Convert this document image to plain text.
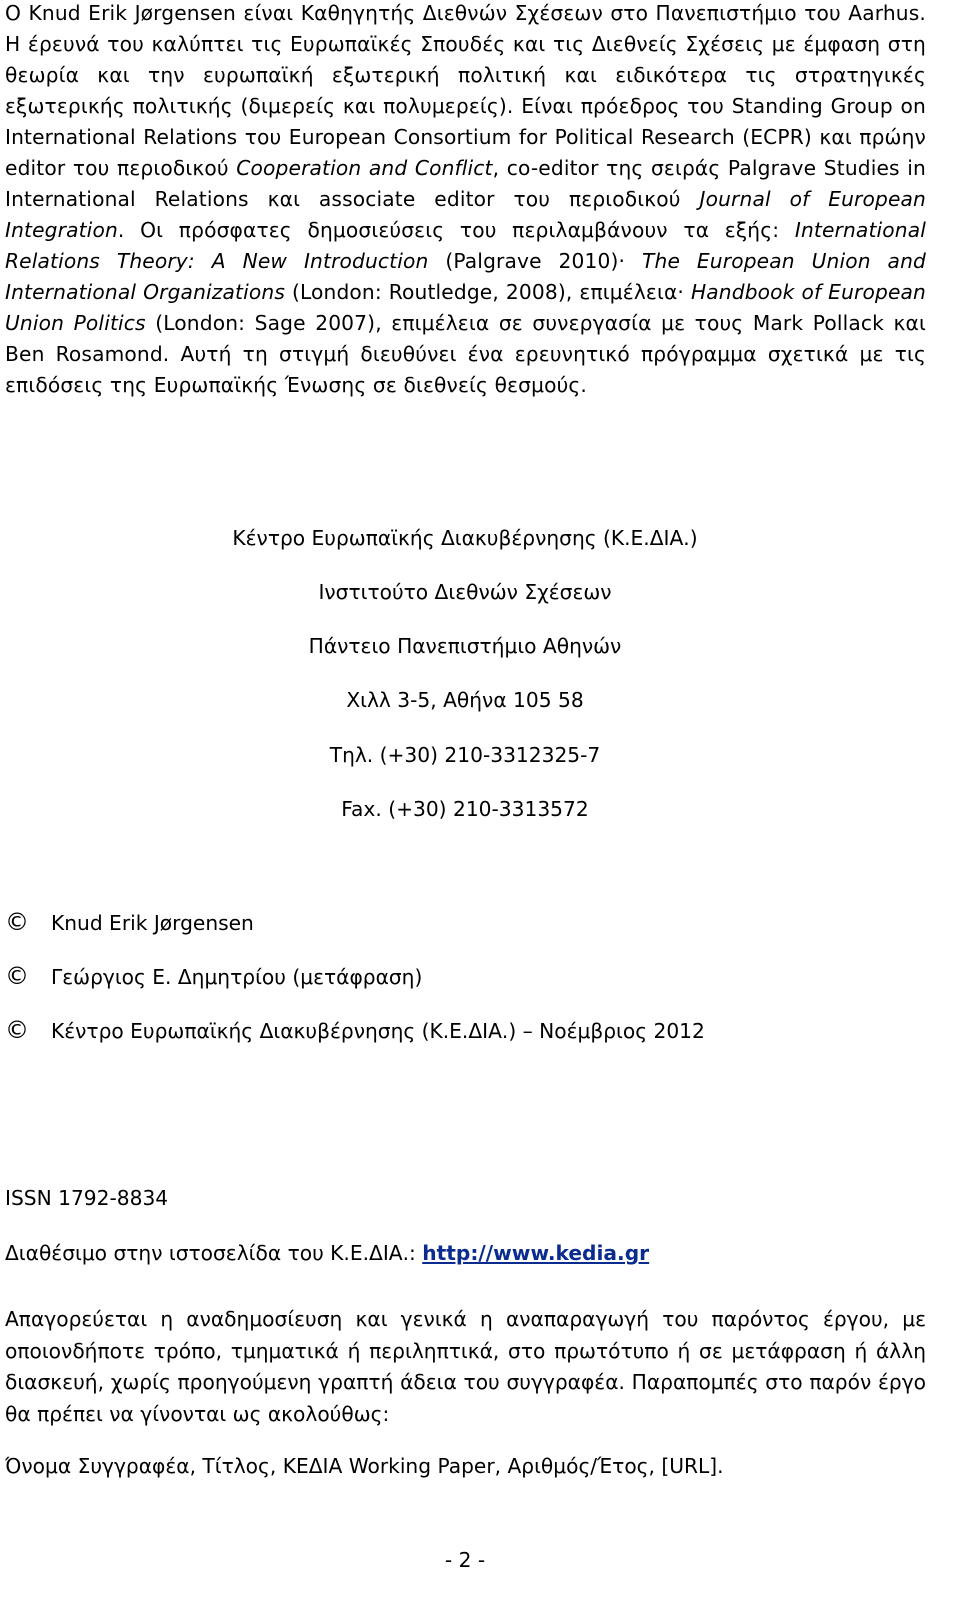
Ο Knud Erik Jørgensen είναι Καθηγητής Διεθνών Σχέσεων στο Πανεπιστήμιο του Aarhus. Η έρευνά του καλύπτει τις Ευρωπαϊκές Σπουδές και τις Διεθνείς Σχέσεις με έμφαση στη θεωρία και την ευρωπαϊκή εξωτερική πολιτική και ειδικότερα τις στρατηγικές εξωτερικής πολιτικής (διμερείς και πολυμερείς). Είναι πρόεδρος του Standing Group on International Relations του European Consortium for Political Research (ECPR) και πρώην editor του περιοδικού Cooperation and Conflict, co-editor της σειράς Palgrave Studies in International Relations και associate editor του περιοδικού Journal of European Integration. Οι πρόσφατες δημοσιεύσεις του περιλαμβάνουν τα εξής: International Relations Theory: A New Introduction (Palgrave 2010)· The European Union and International Organizations (London: Routledge, 2008), επιμέλεια· Handbook of European Union Politics (London: Sage 2007), επιμέλεια σε συνεργασία με τους Mark Pollack και Ben Rosamond. Αυτή τη στιγμή διευθύνει ένα ερευνητικό πρόγραμμα σχετικά με τις επιδόσεις της Ευρωπαϊκής Ένωσης σε διεθνείς θεσμούς.

Κέντρο Ευρωπαϊκής Διακυβέρνησης (Κ.Ε.ΔΙΑ.)
Ινστιτούτο Διεθνών Σχέσεων
Πάντειο Πανεπιστήμιο Αθηνών
Χιλλ 3-5, Αθήνα 105 58
Τηλ. (+30) 210-3312325-7
Fax. (+30) 210-3313572
© Knud Erik Jørgensen
© Γεώργιος Ε. Δημητρίου (μετάφραση)
© Κέντρο Ευρωπαϊκής Διακυβέρνησης (Κ.Ε.ΔΙΑ.) – Νοέμβριος 2012
ISSN 1792-8834
Διαθέσιμο στην ιστοσελίδα του Κ.Ε.ΔΙΑ.: http://www.kedia.gr

Απαγορεύεται η αναδημοσίευση και γενικά η αναπαραγωγή του παρόντος έργου, με οποιονδήποτε τρόπο, τμηματικά ή περιληπτικά, στο πρωτότυπο ή σε μετάφραση ή άλλη διασκευή, χωρίς προηγούμενη γραπτή άδεια του συγγραφέα. Παραπομπές στο παρόν έργο θα πρέπει να γίνονται ως ακολούθως:

Όνομα Συγγραφέα, Τίτλος, ΚΕΔΙΑ Working Paper, Αριθμός/Έτος, [URL].
- 2 -
